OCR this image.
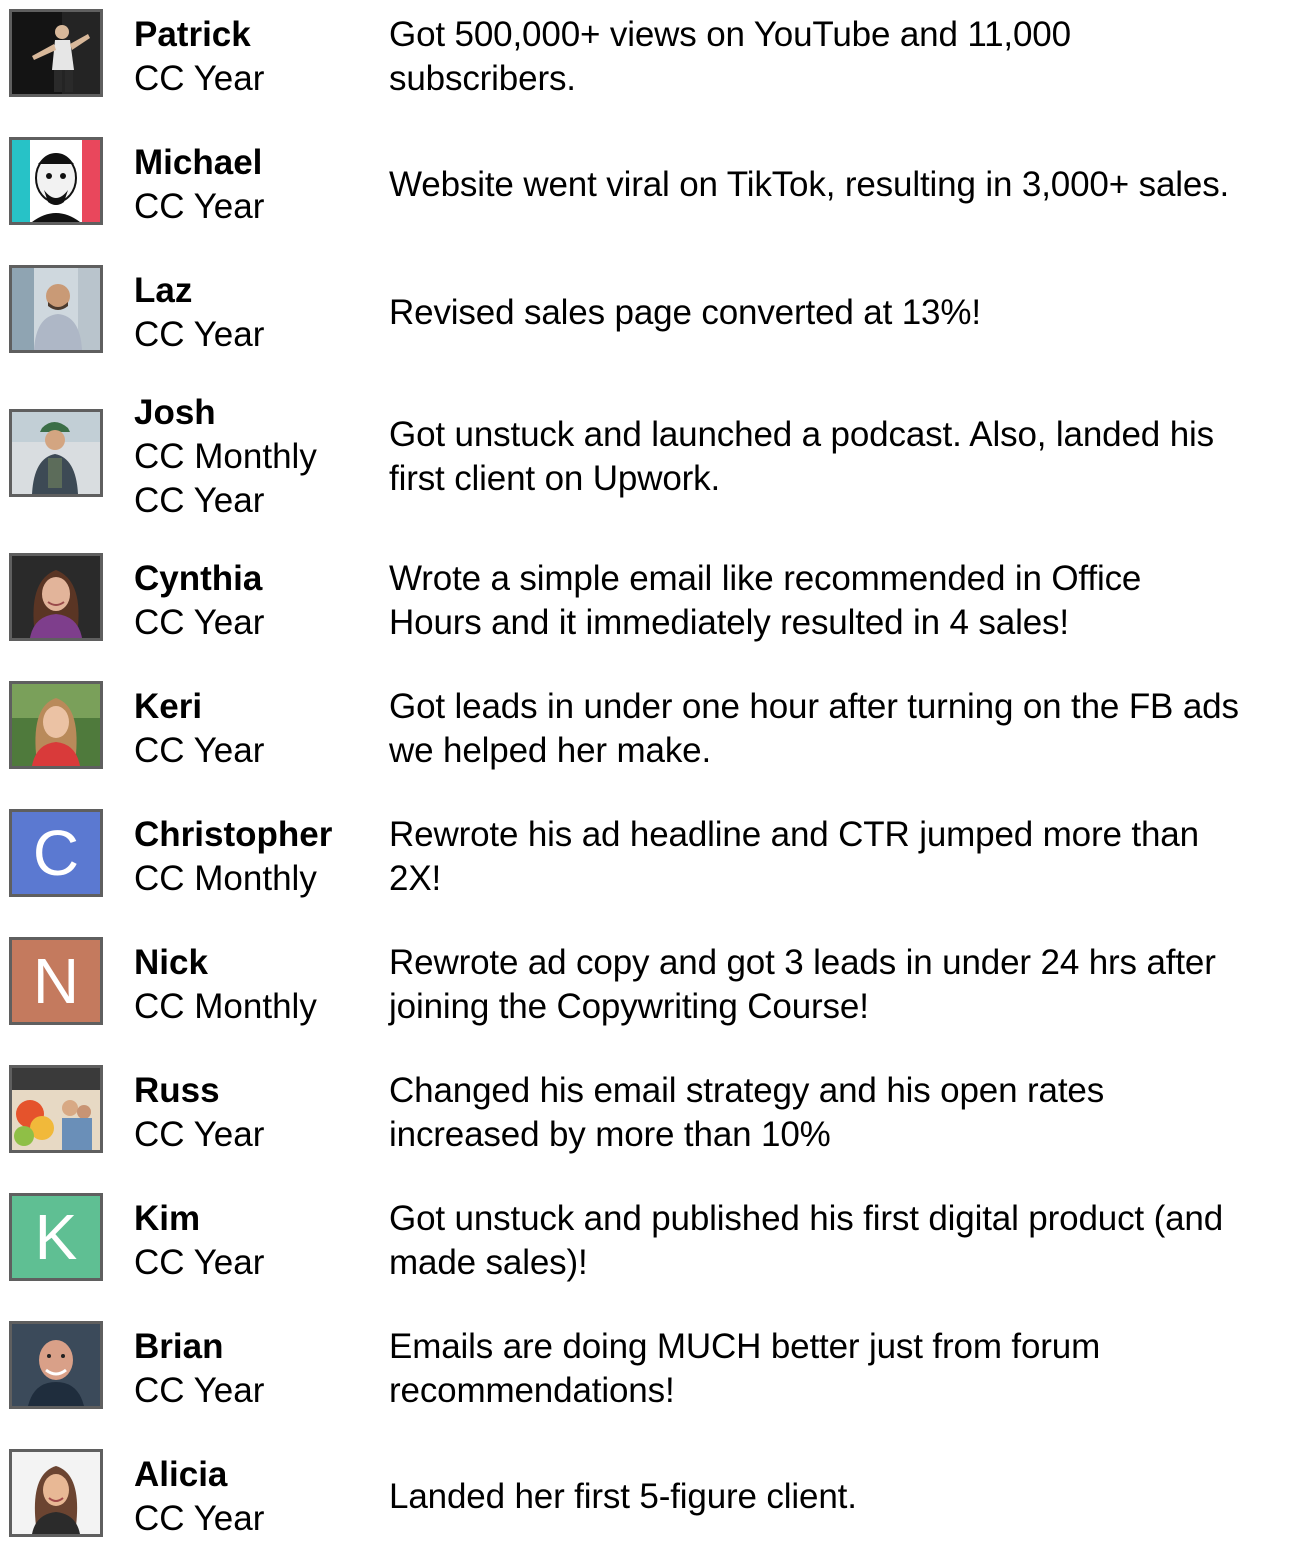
Patrick
CC Year
Got 500,000+ views on YouTube and 11,000
subscribers.
Michael
CC Year
Website went viral on TikTok, resulting in 3,000+ sales.
Laz
CC Year
Revised sales page converted at 13%!
Josh
CC Monthly
CC Year
Got unstuck and launched a podcast. Also, landed his
first client on Upwork.
Cynthia
CC Year
Wrote a simple email like recommended in Office
Hours and it immediately resulted in 4 sales!
Keri
CC Year
Got leads in under one hour after turning on the FB ads
we helped her make.
C Christopher
CC Monthly
Rewrote his ad headline and CTR jumped more than
2X!
N Nick
CC Monthly
Rewrote ad copy and got 3 leads in under 24 hrs after
joining the Copywriting Course!
Russ
CC Year
Changed his email strategy and his open rates
increased by more than 10%
K Kim
CC Year
Got unstuck and published his first digital product (and
made sales)!
Brian
CC Year
Emails are doing MUCH better just from forum
recommendations!
Alicia
CC Year
Landed her first 5-figure client.
